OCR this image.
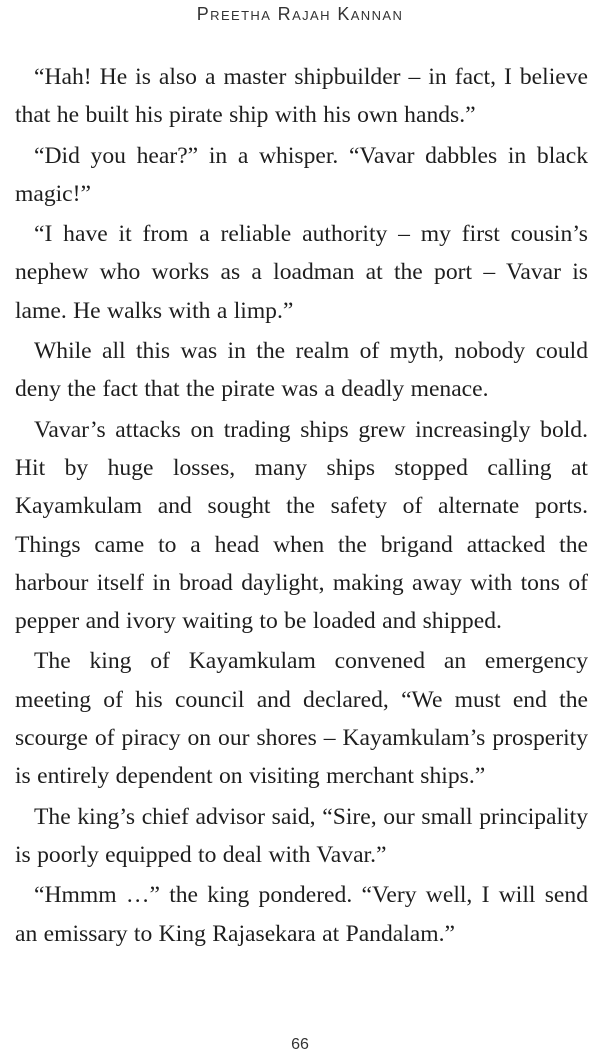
Preetha Rajah Kannan

“Hah! He is also a master shipbuilder – in fact, I believe that he built his pirate ship with his own hands.”

“Did you hear?” in a whisper. “Vavar dabbles in black magic!”

“I have it from a reliable authority – my first cousin’s nephew who works as a loadman at the port – Vavar is lame. He walks with a limp.”

While all this was in the realm of myth, nobody could deny the fact that the pirate was a deadly menace.

Vavar’s attacks on trading ships grew increasingly bold. Hit by huge losses, many ships stopped calling at Kayamkulam and sought the safety of alternate ports. Things came to a head when the brigand attacked the harbour itself in broad daylight, making away with tons of pepper and ivory waiting to be loaded and shipped.

The king of Kayamkulam convened an emergency meeting of his council and declared, “We must end the scourge of piracy on our shores – Kayamkulam’s prosperity is entirely dependent on visiting merchant ships.”

The king’s chief advisor said, “Sire, our small principality is poorly equipped to deal with Vavar.”

“Hmmm …” the king pondered. “Very well, I will send an emissary to King Rajasekara at Pandalam.”

66
